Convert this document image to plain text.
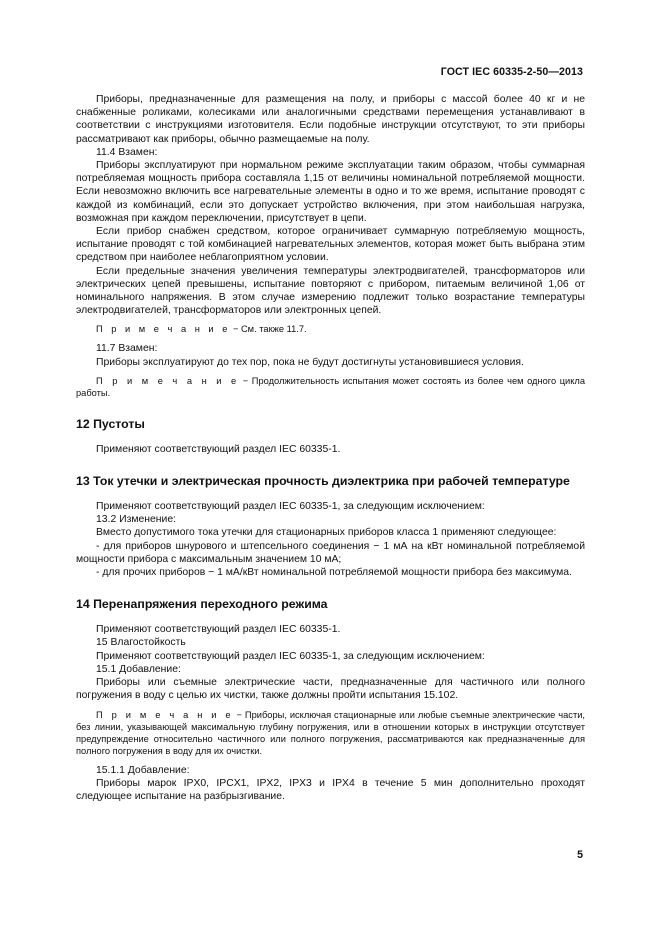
ГОСТ IEC 60335-2-50—2013

Приборы, предназначенные для размещения на полу, и приборы с массой более 40 кг и не снабженные роликами, колесиками или аналогичными средствами перемещения устанавливают в соответствии с инструкциями изготовителя. Если подобные инструкции отсутствуют, то эти приборы рассматривают как приборы, обычно размещаемые на полу.

11.4 Взамен:

Приборы эксплуатируют при нормальном режиме эксплуатации таким образом, чтобы суммарная потребляемая мощность прибора составляла 1,15 от величины номинальной потребляемой мощности. Если невозможно включить все нагревательные элементы в одно и то же время, испытание проводят с каждой из комбинаций, если это допускает устройство включения, при этом наибольшая нагрузка, возможная при каждом переключении, присутствует в цепи.

Если прибор снабжен средством, которое ограничивает суммарную потребляемую мощность, испытание проводят с той комбинацией нагревательных элементов, которая может быть выбрана этим средством при наиболее неблагоприятном условии.

Если предельные значения увеличения температуры электродвигателей, трансформаторов или электрических цепей превышены, испытание повторяют с прибором, питаемым величиной 1,06 от номинального напряжения. В этом случае измерению подлежит только возрастание температуры электродвигателей, трансформаторов или электронных цепей.

П р и м е ч а н и е − См. также 11.7.

11.7 Взамен:

Приборы эксплуатируют до тех пор, пока не будут достигнуты установившиеся условия.

П р и м е ч а н и е − Продолжительность испытания может состоять из более чем одного цикла работы.

12 Пустоты

Применяют соответствующий раздел IEC 60335-1.

13 Ток утечки и электрическая прочность диэлектрика при рабочей температуре

Применяют соответствующий раздел IEC 60335-1, за следующим исключением:

13.2 Изменение:

Вместо допустимого тока утечки для стационарных приборов класса 1 применяют следующее:

- для приборов шнурового и штепсельного соединения − 1 мА на кВт номинальной потребляемой мощности прибора с максимальным значением 10 мА;

- для прочих приборов − 1 мА/кВт номинальной потребляемой мощности прибора без максимума.

14 Перенапряжения переходного режима

Применяют соответствующий раздел IEC 60335-1.

15 Влагостойкость

Применяют соответствующий раздел IEC 60335-1, за следующим исключением:

15.1 Добавление:

Приборы или съемные электрические части, предназначенные для частичного или полного погружения в воду с целью их чистки, также должны пройти испытания 15.102.

П р и м е ч а н и е − Приборы, исключая стационарные или любые съемные электрические части, без линии, указывающей максимальную глубину погружения, или в отношении которых в инструкции отсутствует предупреждение относительно частичного или полного погружения, рассматриваются как предназначенные для полного погружения в воду для их очистки.

15.1.1 Добавление:

Приборы марок IPX0, IPCX1, IPX2, IPX3 и IPX4 в течение 5 мин дополнительно проходят следующее испытание на разбрызгивание.

5
